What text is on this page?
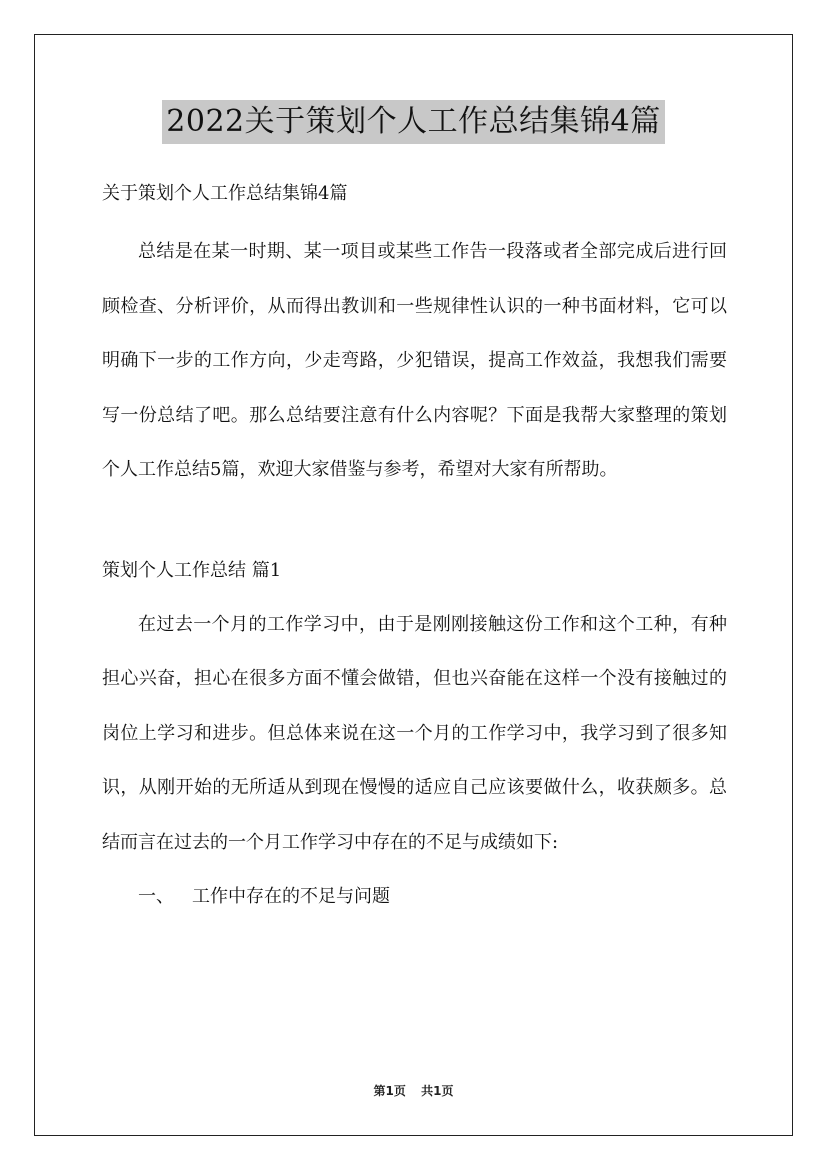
2022关于策划个人工作总结集锦4篇

关于策划个人工作总结集锦4篇

总结是在某一时期、某一项目或某些工作告一段落或者全部完成后进行回顾检查、分析评价，从而得出教训和一些规律性认识的一种书面材料，它可以明确下一步的工作方向，少走弯路，少犯错误，提高工作效益，我想我们需要写一份总结了吧。那么总结要注意有什么内容呢？下面是我帮大家整理的策划个人工作总结5篇，欢迎大家借鉴与参考，希望对大家有所帮助。

策划个人工作总结 篇1

在过去一个月的工作学习中，由于是刚刚接触这份工作和这个工种，有种担心兴奋，担心在很多方面不懂会做错，但也兴奋能在这样一个没有接触过的岗位上学习和进步。但总体来说在这一个月的工作学习中，我学习到了很多知识，从刚开始的无所适从到现在慢慢的适应自己应该要做什么，收获颇多。总结而言在过去的一个月工作学习中存在的不足与成绩如下:

一、 工作中存在的不足与问题

第1页 共1页
